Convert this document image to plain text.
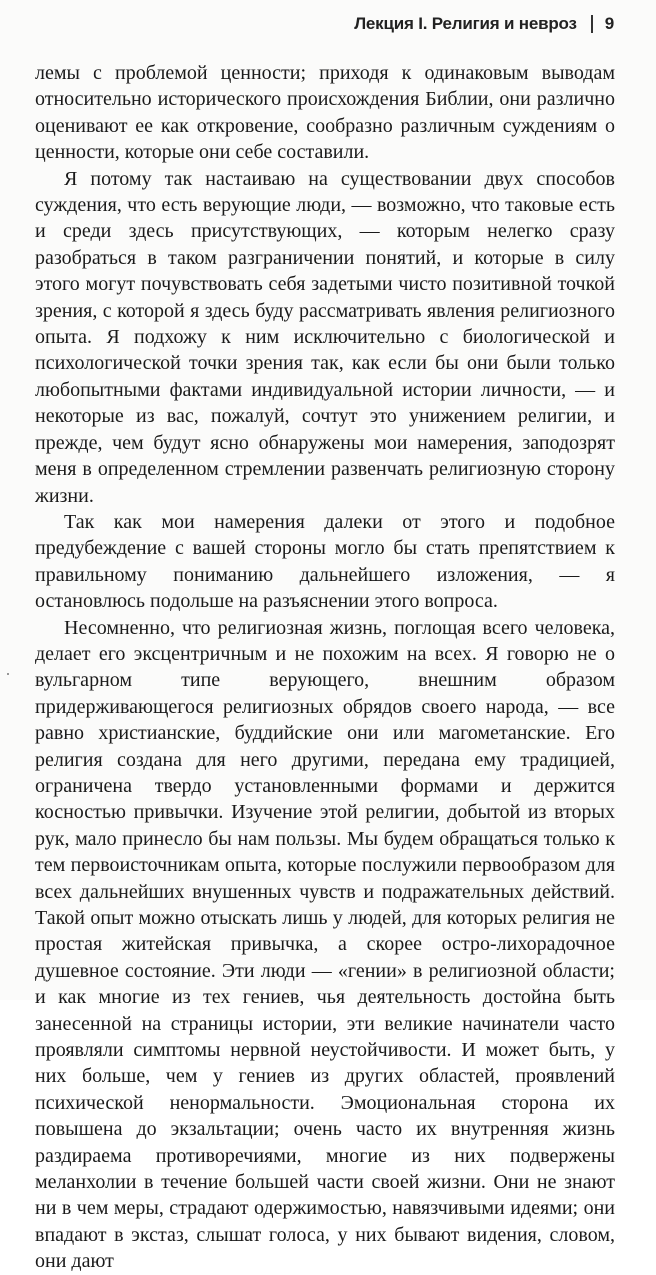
Лекция I. Религия и невроз 9

лемы с проблемой ценности; приходя к одинаковым выводам относительно исторического происхождения Библии, они различно оценивают ее как откровение, сообразно различным суждениям о ценности, которые они себе составили.

Я потому так настаиваю на существовании двух способов суждения, что есть верующие люди, — возможно, что таковые есть и среди здесь присутствующих, — которым нелегко сразу разобраться в таком разграничении понятий, и которые в силу этого могут почувствовать себя задетыми чисто позитивной точкой зрения, с которой я здесь буду рассматривать явления религиозного опыта. Я подхожу к ним исключительно с биологической и психологической точки зрения так, как если бы они были только любопытными фактами индивидуальной истории личности, — и некоторые из вас, пожалуй, сочтут это унижением религии, и прежде, чем будут ясно обнаружены мои намерения, заподозрят меня в определенном стремлении развенчать религиозную сторону жизни.

Так как мои намерения далеки от этого и подобное предубеждение с вашей стороны могло бы стать препятствием к правильному пониманию дальнейшего изложения, — я остановлюсь подольше на разъяснении этого вопроса.

Несомненно, что религиозная жизнь, поглощая всего человека, делает его эксцентричным и не похожим на всех. Я говорю не о вульгарном типе верующего, внешним образом придерживающегося религиозных обрядов своего народа, — все равно христианские, буддийские они или магометанские. Его религия создана для него другими, передана ему традицией, ограничена твердо установленными формами и держится косностью привычки. Изучение этой религии, добытой из вторых рук, мало принесло бы нам пользы. Мы будем обращаться только к тем первоисточникам опыта, которые послужили первообразом для всех дальнейших внушенных чувств и подражательных действий. Такой опыт можно отыскать лишь у людей, для которых религия не простая житейская привычка, а скорее остро-лихорадочное душевное состояние. Эти люди — «гении» в религиозной области; и как многие из тех гениев, чья деятельность достойна быть занесенной на страницы истории, эти великие начинатели часто проявляли симптомы нервной неустойчивости. И может быть, у них больше, чем у гениев из других областей, проявлений психической ненормальности. Эмоциональная сторона их повышена до экзальтации; очень часто их внутренняя жизнь раздираема противоречиями, многие из них подвержены меланхолии в течение большей части своей жизни. Они не знают ни в чем меры, страдают одержимостью, навязчивыми идеями; они впадают в экстаз, слышат голоса, у них бывают видения, словом, они дают
